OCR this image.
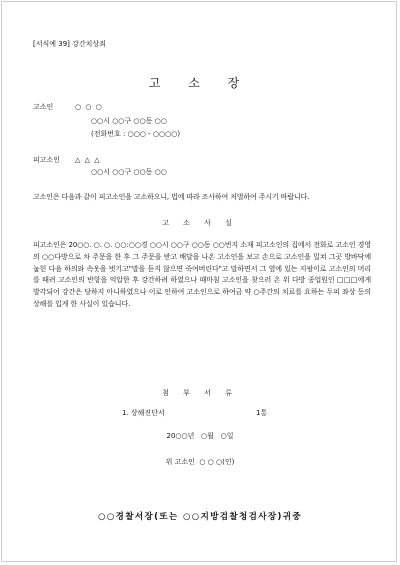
[서식예 39] 강간치상죄
고 소 장
고소인	○ ○ ○
○○시 ○○구 ○○동 ○○
(전화번호 : ○○○ - ○○○○)
피고소인 △ △ △
○○시 ○○구 ○○동 ○○
고소인은 다음과 같이 피고소인을 고소하오니, 법에 따라 조사하여 처벌하여 주시기 바랍니다.
고 소 사 실

피고소인은 20○○. ○. ○. ○○:○○경 ○○시 ○○구 ○○동 ○○번지 소재 피고소인의 집에서 전화로 고소인 경영의 ○○다방으로 차 주문을 한 후 그 주문을 받고 배달을 나온 고소인을 보고 손으로 고소인을 밀쳐 그곳 방바닥에 눕힌 다음 하의와 속옷을 벗기고"말을 듣지 않으면 죽여버린다"고 말하면서 그 옆에 있는 지팡이로 고소인의 머리를 때려 고소인의 반항을 억압한 후 강간하려 하였으나 때마침 고소인을 찾으러 온 위 다방 종업원인 □□□에게 발각되어 강간은 당하지 아니하였으나 이로 인하여 고소인으로 하여금 약 ○주간의 치료를 요하는 두피 좌상 등의 상해를 입게 한 사실이 있습니다.

첨 부 서 류
1. 상해진단서	1통
20○○년   ○월   ○일
위 고소인  ○ ○ ○(인)
○○경찰서장(또는 ○○지방검찰청검사장)귀중
